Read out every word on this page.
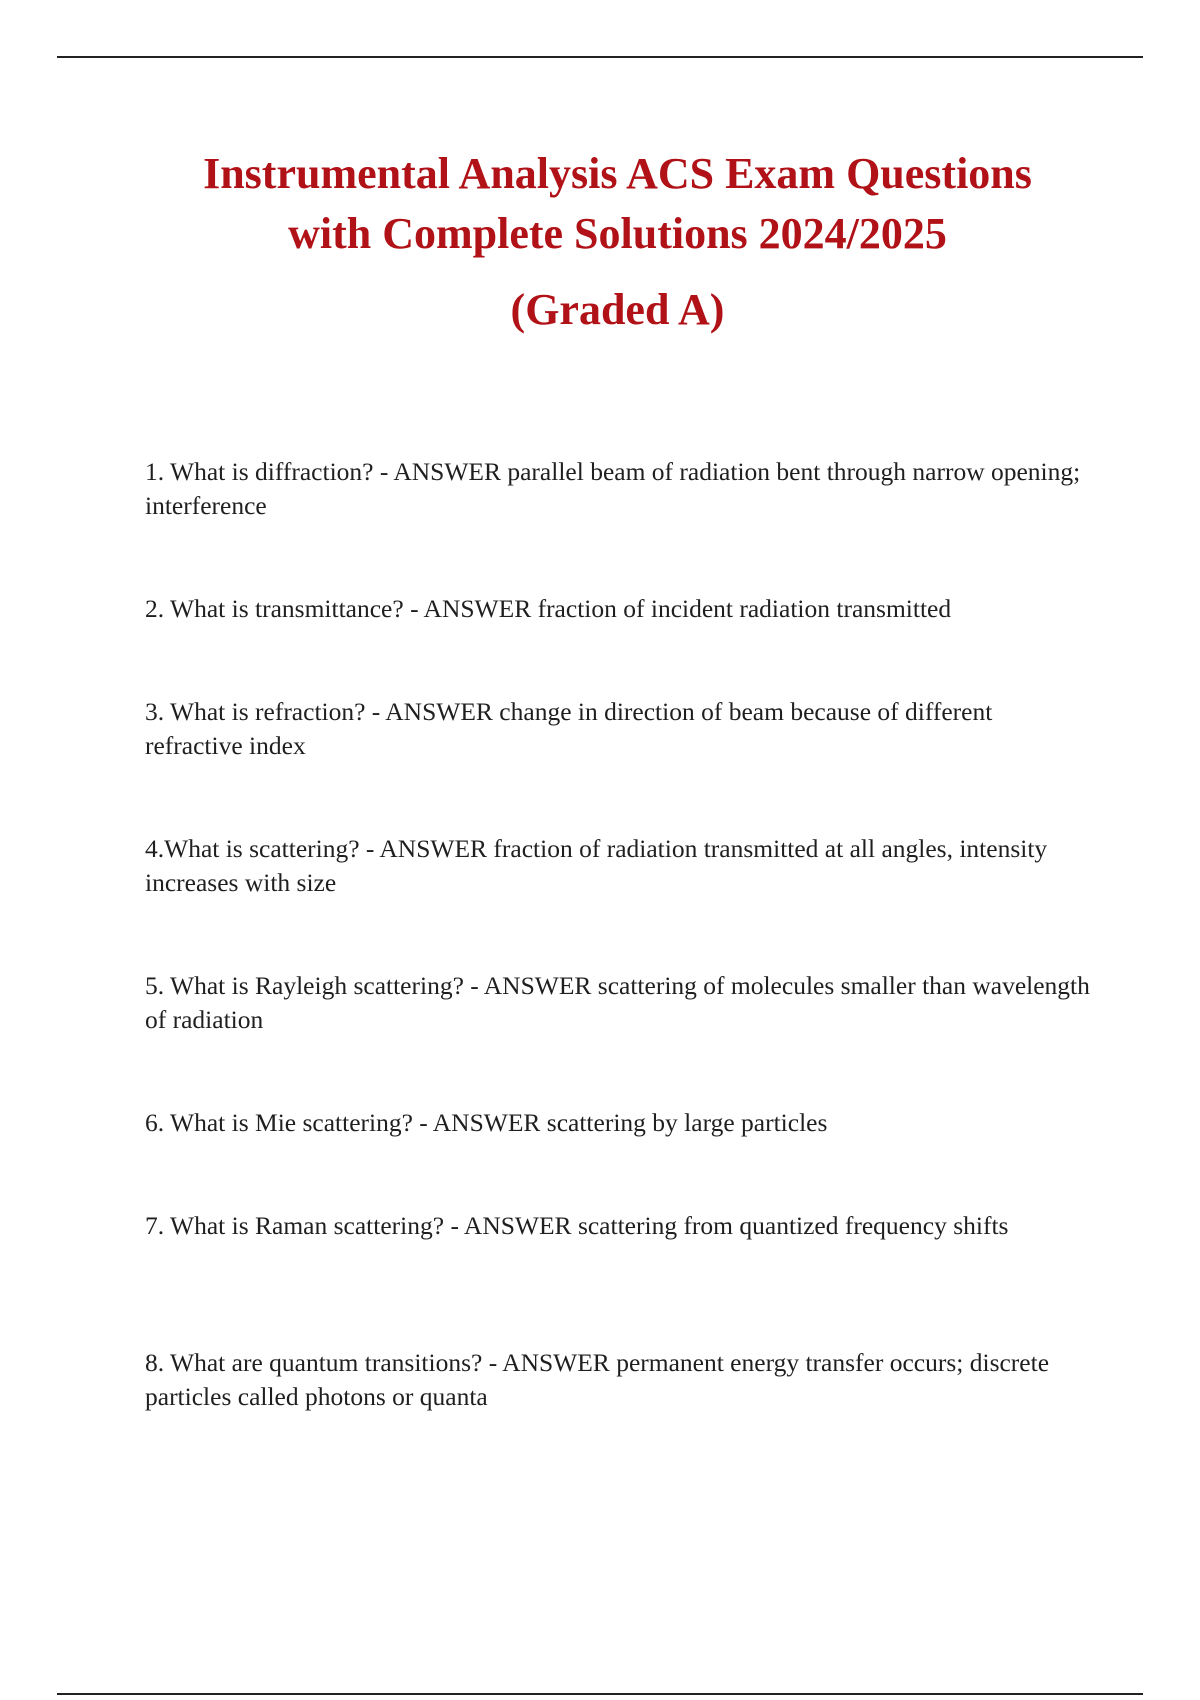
Instrumental Analysis ACS Exam Questions
with Complete Solutions 2024/2025
(Graded A)
1. What is diffraction? - ANSWER parallel beam of radiation bent through narrow opening; interference
2. What is transmittance? - ANSWER fraction of incident radiation transmitted
3. What is refraction? - ANSWER change in direction of beam because of different refractive index
4.What is scattering? - ANSWER fraction of radiation transmitted at all angles, intensity increases with size
5. What is Rayleigh scattering? - ANSWER scattering of molecules smaller than wavelength of radiation
6. What is Mie scattering? - ANSWER scattering by large particles
7. What is Raman scattering? - ANSWER scattering from quantized frequency shifts
8. What are quantum transitions? - ANSWER permanent energy transfer occurs; discrete particles called photons or quanta
